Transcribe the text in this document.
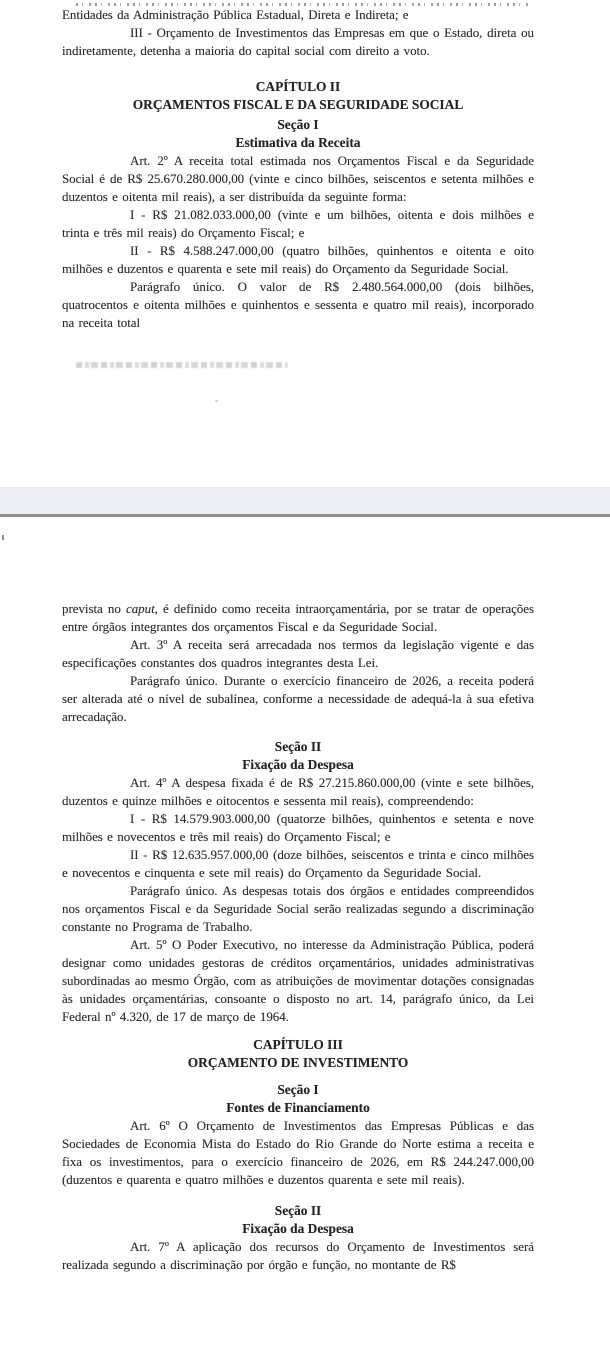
Entidades da Administração Pública Estadual, Direta e Indireta; e

III - Orçamento de Investimentos das Empresas em que o Estado, direta ou indiretamente, detenha a maioria do capital social com direito a voto.

CAPÍTULO II
ORÇAMENTOS FISCAL E DA SEGURIDADE SOCIAL
Seção I
Estimativa da Receita

Art. 2º A receita total estimada nos Orçamentos Fiscal e da Seguridade Social é de R$ 25.670.280.000,00 (vinte e cinco bilhões, seiscentos e setenta milhões e duzentos e oitenta mil reais), a ser distribuída da seguinte forma:

I - R$ 21.082.033.000,00 (vinte e um bilhões, oitenta e dois milhões e trinta e três mil reais) do Orçamento Fiscal; e

II - R$ 4.588.247.000,00 (quatro bilhões, quinhentos e oitenta e oito milhões e duzentos e quarenta e sete mil reais) do Orçamento da Seguridade Social.

Parágrafo único. O valor de R$ 2.480.564.000,00 (dois bilhões, quatrocentos e oitenta milhões e quinhentos e sessenta e quatro mil reais), incorporado na receita total

prevista no caput, é definido como receita intraorçamentária, por se tratar de operações entre órgãos integrantes dos orçamentos Fiscal e da Seguridade Social.

Art. 3º A receita será arrecadada nos termos da legislação vigente e das especificações constantes dos quadros integrantes desta Lei.

Parágrafo único. Durante o exercício financeiro de 2026, a receita poderá ser alterada até o nível de subalínea, conforme a necessidade de adequá-la à sua efetiva arrecadação.

Seção II
Fixação da Despesa

Art. 4º A despesa fixada é de R$ 27.215.860.000,00 (vinte e sete bilhões, duzentos e quinze milhões e oitocentos e sessenta mil reais), compreendendo:

I - R$ 14.579.903.000,00 (quatorze bilhões, quinhentos e setenta e nove milhões e novecentos e três mil reais) do Orçamento Fiscal; e

II - R$ 12.635.957.000,00 (doze bilhões, seiscentos e trinta e cinco milhões e novecentos e cinquenta e sete mil reais) do Orçamento da Seguridade Social.

Parágrafo único. As despesas totais dos órgãos e entidades compreendidos nos orçamentos Fiscal e da Seguridade Social serão realizadas segundo a discriminação constante no Programa de Trabalho.

Art. 5º O Poder Executivo, no interesse da Administração Pública, poderá designar como unidades gestoras de créditos orçamentários, unidades administrativas subordinadas ao mesmo Órgão, com as atribuições de movimentar dotações consignadas às unidades orçamentárias, consoante o disposto no art. 14, parágrafo único, da Lei Federal nº 4.320, de 17 de março de 1964.

CAPÍTULO III
ORÇAMENTO DE INVESTIMENTO
Seção I
Fontes de Financiamento

Art. 6º O Orçamento de Investimentos das Empresas Públicas e das Sociedades de Economia Mista do Estado do Rio Grande do Norte estima a receita e fixa os investimentos, para o exercício financeiro de 2026, em R$ 244.247.000,00 (duzentos e quarenta e quatro milhões e duzentos quarenta e sete mil reais).

Seção II
Fixação da Despesa

Art. 7º A aplicação dos recursos do Orçamento de Investimentos será realizada segundo a discriminação por órgão e função, no montante de R$
